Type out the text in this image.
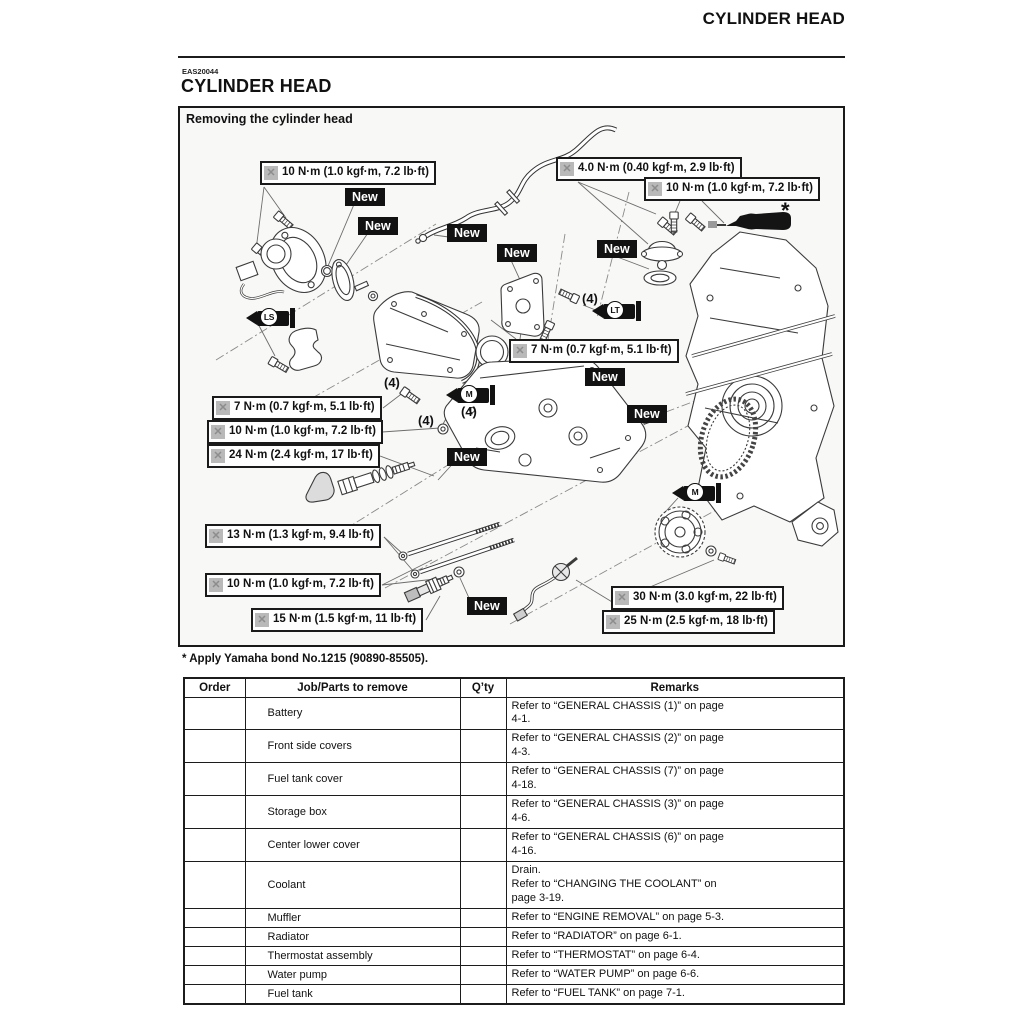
CYLINDER HEAD
EAS20044
CYLINDER HEAD
Removing the cylinder head
✕ 10 N·m (1.0 kgf·m, 7.2 lb·ft)	✕ 4.0 N·m (0.40 kgf·m, 2.9 lb·ft)
✕ 10 N·m (1.0 kgf·m, 7.2 lb·ft)
✕ 7 N·m (0.7 kgf·m, 5.1 lb·ft)
✕ 10 N·m (1.0 kgf·m, 7.2 lb·ft)
✕ 24 N·m (2.4 kgf·m, 17 lb·ft)
✕ 7 N·m (0.7 kgf·m, 5.1 lb·ft)
✕ 13 N·m (1.3 kgf·m, 9.4 lb·ft)
✕ 10 N·m (1.0 kgf·m, 7.2 lb·ft)
✕ 15 N·m (1.5 kgf·m, 11 lb·ft)
✕ 30 N·m (3.0 kgf·m, 22 lb·ft)
✕ 25 N·m (2.5 kgf·m, 18 lb·ft)
New
New	New
New	New
New
New
New
New
(4)
(4)
(4)
(4)
LS
LT
M
M
*
* Apply Yamaha bond No.1215 (90890-85505).
Order	Job/Parts to remove	Q’ty	Remarks
	Battery		Refer to “GENERAL CHASSIS (1)” on page
4-1.

	Front side covers		Refer to “GENERAL CHASSIS (2)” on page
4-3.

	Fuel tank cover		Refer to “GENERAL CHASSIS (7)” on page
4-18.

	Storage box		Refer to “GENERAL CHASSIS (3)” on page
4-6.

	Center lower cover		Refer to “GENERAL CHASSIS (6)” on page
4-16.

	Coolant		Drain.
Refer to “CHANGING THE COOLANT” on
page 3-19.

	Muffler		Refer to “ENGINE REMOVAL” on page 5-3.

	Radiator		Refer to “RADIATOR” on page 6-1.

	Thermostat assembly		Refer to “THERMOSTAT” on page 6-4.

	Water pump		Refer to “WATER PUMP” on page 6-6.

	Fuel tank		Refer to “FUEL TANK” on page 7-1.
